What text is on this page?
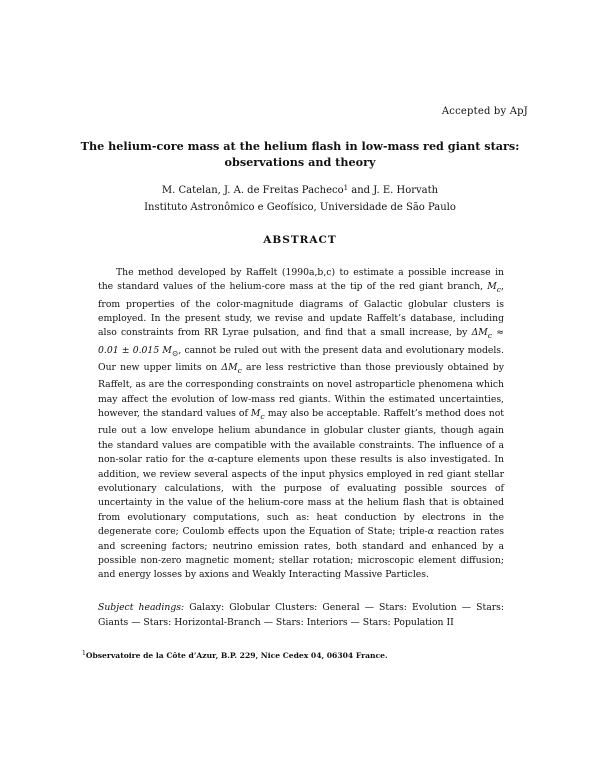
Accepted by ApJ
The helium-core mass at the helium flash in low-mass red giant stars:
observations and theory
M. Catelan, J. A. de Freitas Pacheco$^1$ and J. E. Horvath
Instituto Astronômico e Geofísico, Universidade de São Paulo
ABSTRACT
The method developed by Raffelt (1990a,b,c) to estimate a possible increase in the standard values of the helium-core mass at the tip of the red giant branch, $M_c$, from properties of the color-magnitude diagrams of Galactic globular clusters is employed. In the present study, we revise and update Raffelt’s database, including also constraints from RR Lyrae pulsation, and find that a small increase, by $\Delta M_c \approx 0.01 \pm 0.015$ $M_⊙$, cannot be ruled out with the present data and evolutionary models. Our new upper limits on $\Delta M_c$ are less restrictive than those previously obtained by Raffelt, as are the corresponding constraints on novel astroparticle phenomena which may affect the evolution of low-mass red giants. Within the estimated uncertainties, however, the standard values of $M_c$ may also be acceptable. Raffelt’s method does not rule out a low envelope helium abundance in globular cluster giants, though again the standard values are compatible with the available constraints. The influence of a non-solar ratio for the α-capture elements upon these results is also investigated. In addition, we review several aspects of the input physics employed in red giant stellar evolutionary calculations, with the purpose of evaluating possible sources of uncertainty in the value of the helium-core mass at the helium flash that is obtained from evolutionary computations, such as: heat conduction by electrons in the degenerate core; Coulomb effects upon the Equation of State; triple-α reaction rates and screening factors; neutrino emission rates, both standard and enhanced by a possible non-zero magnetic moment; stellar rotation; microscopic element diffusion; and energy losses by axions and Weakly Interacting Massive Particles.
Subject headings: Galaxy: Globular Clusters: General — Stars: Evolution — Stars: Giants — Stars: Horizontal-Branch — Stars: Interiors — Stars: Population II
$^1$Observatoire de la Côte d’Azur, B.P. 229, Nice Cedex 04, 06304 France.
